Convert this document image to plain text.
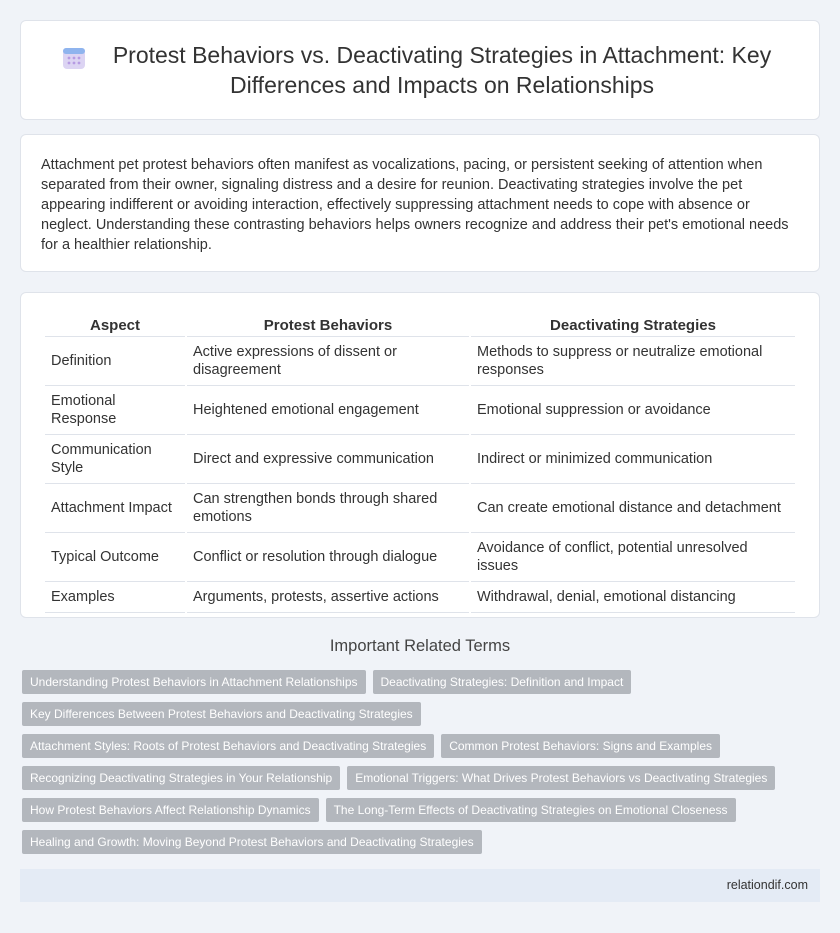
Protest Behaviors vs. Deactivating Strategies in Attachment: Key Differences and Impacts on Relationships

Attachment pet protest behaviors often manifest as vocalizations, pacing, or persistent seeking of attention when separated from their owner, signaling distress and a desire for reunion. Deactivating strategies involve the pet appearing indifferent or avoiding interaction, effectively suppressing attachment needs to cope with absence or neglect. Understanding these contrasting behaviors helps owners recognize and address their pet's emotional needs for a healthier relationship.

Aspect	Protest Behaviors	Deactivating Strategies
Definition	Active expressions of dissent or disagreement	Methods to suppress or neutralize emotional responses
Emotional Response	Heightened emotional engagement	Emotional suppression or avoidance
Communication Style	Direct and expressive communication	Indirect or minimized communication
Attachment Impact	Can strengthen bonds through shared emotions	Can create emotional distance and detachment
Typical Outcome	Conflict or resolution through dialogue	Avoidance of conflict, potential unresolved issues
Examples	Arguments, protests, assertive actions	Withdrawal, denial, emotional distancing
Important Related Terms
Understanding Protest Behaviors in Attachment Relationships	Deactivating Strategies: Definition and Impact
Key Differences Between Protest Behaviors and Deactivating Strategies
Attachment Styles: Roots of Protest Behaviors and Deactivating Strategies	Common Protest Behaviors: Signs and Examples
Recognizing Deactivating Strategies in Your Relationship	Emotional Triggers: What Drives Protest Behaviors vs Deactivating Strategies
How Protest Behaviors Affect Relationship Dynamics	The Long-Term Effects of Deactivating Strategies on Emotional Closeness
Healing and Growth: Moving Beyond Protest Behaviors and Deactivating Strategies
relationdif.com
